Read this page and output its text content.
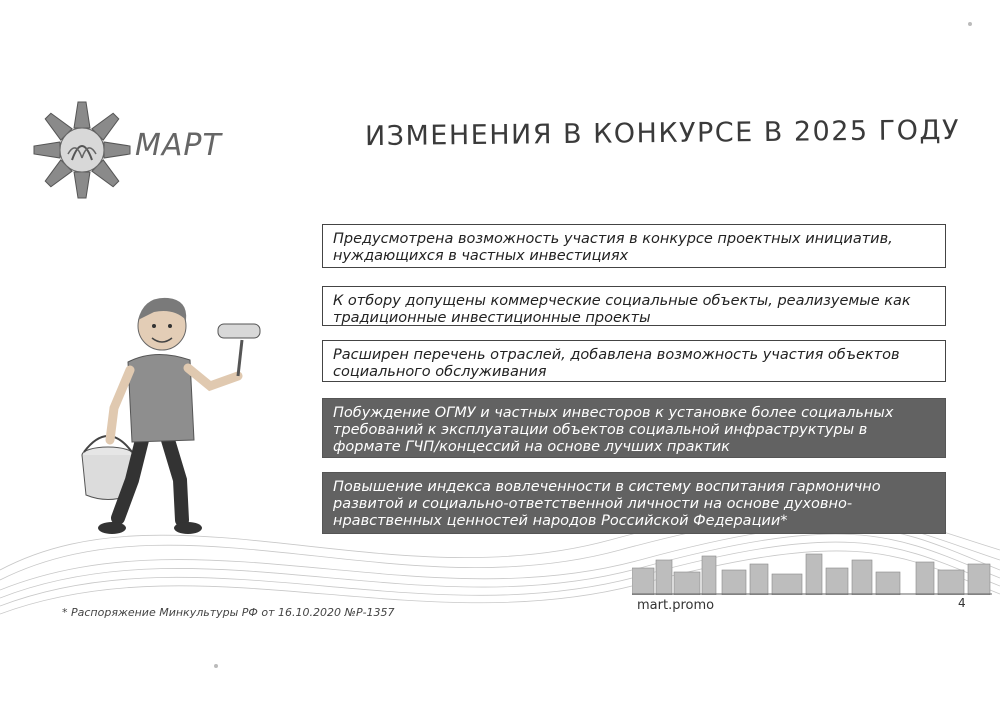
МАРТ	ИЗМЕНЕНИЯ В КОНКУРСЕ В 2025 ГОДУ
Предусмотрена возможность участия в конкурсе проектных инициатив, нуждающихся в частных инвестициях
К отбору допущены коммерческие социальные объекты, реализуемые как традиционные инвестиционные проекты
Расширен перечень отраслей, добавлена возможность участия объектов социального обслуживания
Побуждение ОГМУ и частных инвесторов к установке более социальных требований к эксплуатации объектов социальной инфраструктуры в формате ГЧП/концессий на основе лучших практик
Повышение индекса вовлеченности в систему воспитания гармонично развитой и социально-ответственной личности на основе духовно-нравственных ценностей народов Российской Федерации*
mart.promo	4
* Распоряжение Минкультуры РФ от 16.10.2020 №Р-1357
